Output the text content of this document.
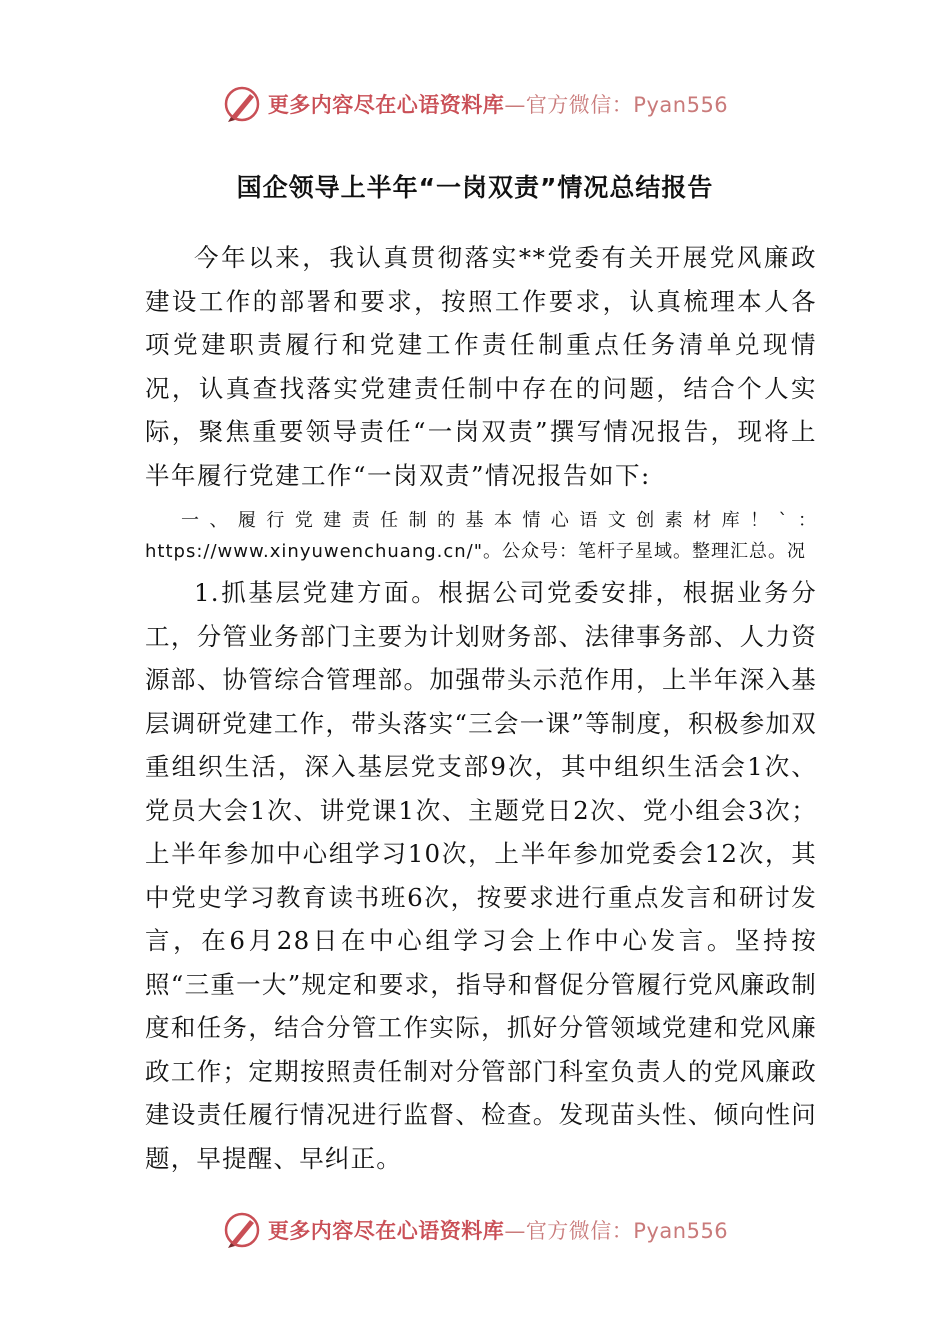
更多内容尽在心语资料库—官方微信：Pyan556
国企领导上半年“一岗双责”情况总结报告
今年以来，我认真贯彻落实**党委有关开展党风廉政建设工作的部署和要求，按照工作要求，认真梳理本人各项党建职责履行和党建工作责任制重点任务清单兑现情况，认真查找落实党建责任制中存在的问题，结合个人实际，聚焦重要领导责任“一岗双责”撰写情况报告，现将上半年履行党建工作“一岗双责”情况报告如下:
一、履行党建责任制的基本情心语文创素材库！`：https://www.xinyuwenchuang.cn/"。公众号：笔杆子星域。整理汇总。况
1.抓基层党建方面。根据公司党委安排，根据业务分工，分管业务部门主要为计划财务部、法律事务部、人力资源部、协管综合管理部。加强带头示范作用，上半年深入基层调研党建工作，带头落实“三会一课”等制度，积极参加双重组织生活，深入基层党支部9次，其中组织生活会1次、党员大会1次、讲党课1次、主题党日2次、党小组会3次；上半年参加中心组学习10次，上半年参加党委会12次，其中党史学习教育读书班6次，按要求进行重点发言和研讨发言，在6月28日在中心组学习会上作中心发言。坚持按照“三重一大”规定和要求，指导和督促分管履行党风廉政制度和任务，结合分管工作实际，抓好分管领域党建和党风廉政工作；定期按照责任制对分管部门科室负责人的党风廉政建设责任履行情况进行监督、检查。发现苗头性、倾向性问题，早提醒、早纠正。
更多内容尽在心语资料库—官方微信：Pyan556
